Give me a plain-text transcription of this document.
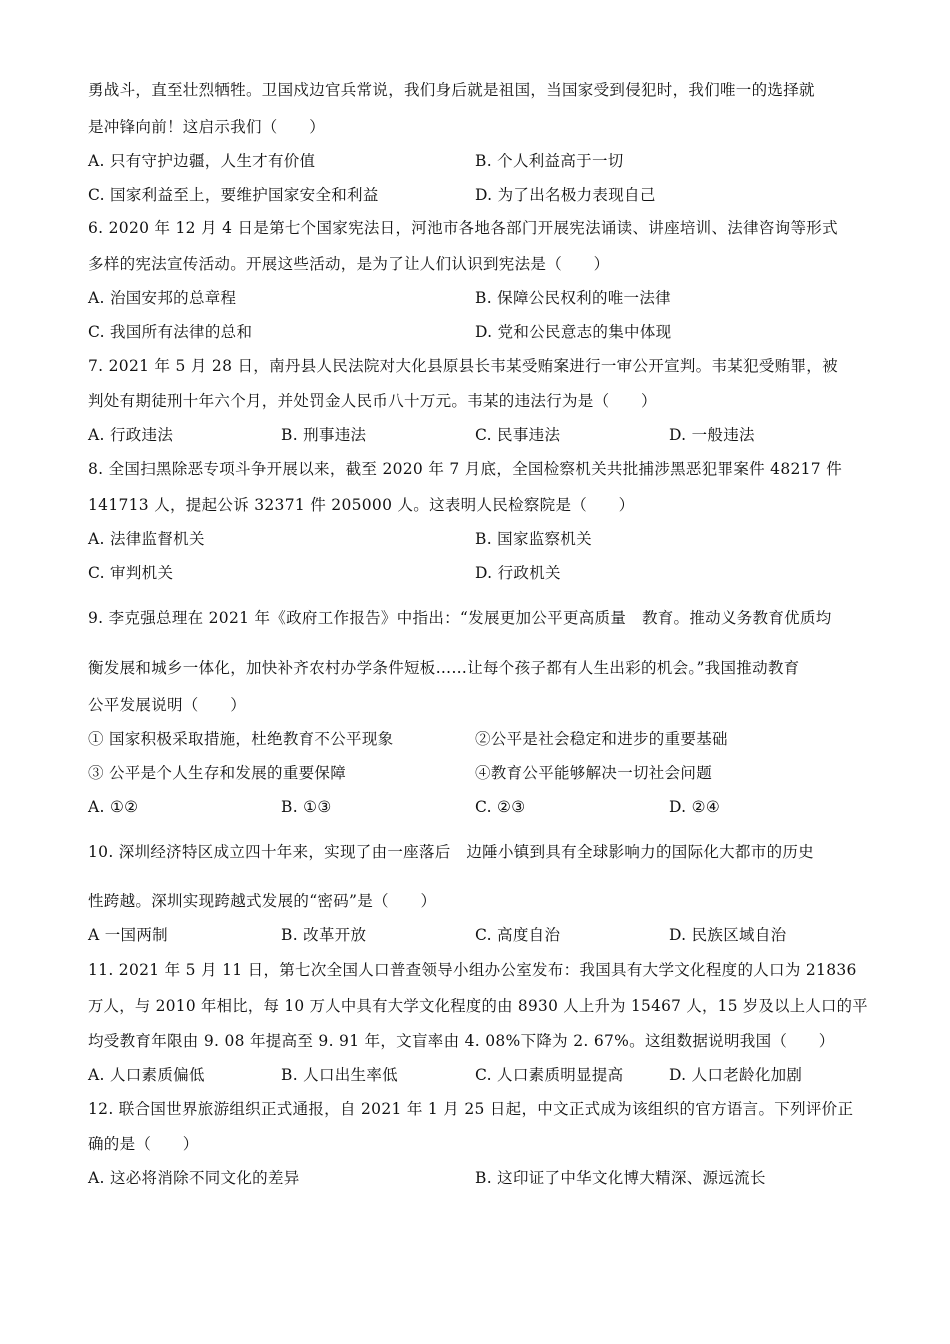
勇战斗，直至壮烈牺牲。卫国戍边官兵常说，我们身后就是祖国，当国家受到侵犯时，我们唯一的选择就
是冲锋向前！这启示我们（　　）
A. 只有守护边疆，人生才有价值	B. 个人利益高于一切
C. 国家利益至上，要维护国家安全和利益	D. 为了出名极力表现自己
6. 2020 年 12 月 4 日是第七个国家宪法日，河池市各地各部门开展宪法诵读、讲座培训、法律咨询等形式
多样的宪法宣传活动。开展这些活动，是为了让人们认识到宪法是（　　）
A. 治国安邦的总章程	B. 保障公民权利的唯一法律
C. 我国所有法律的总和	D. 党和公民意志的集中体现
7. 2021 年 5 月 28 日，南丹县人民法院对大化县原县长韦某受贿案进行一审公开宣判。韦某犯受贿罪，被
判处有期徒刑十年六个月，并处罚金人民币八十万元。韦某的违法行为是（　　）
A. 行政违法	B. 刑事违法	C. 民事违法	D. 一般违法
8. 全国扫黑除恶专项斗争开展以来，截至 2020 年 7 月底，全国检察机关共批捕涉黑恶犯罪案件 48217 件
141713 人，提起公诉 32371 件 205000 人。这表明人民检察院是（　　）
A. 法律监督机关	B. 国家监察机关
C. 审判机关	D. 行政机关
9. 李克强总理在 2021 年《政府工作报告》中指出：“发展更加公平更高质量　教育。推动义务教育优质均
衡发展和城乡一体化，加快补齐农村办学条件短板……让每个孩子都有人生出彩的机会。”我国推动教育
公平发展说明（　　）
① 国家积极采取措施，杜绝教育不公平现象	②公平是社会稳定和进步的重要基础
③ 公平是个人生存和发展的重要保障	④教育公平能够解决一切社会问题
A. ①②	B. ①③	C. ②③	D. ②④
10. 深圳经济特区成立四十年来，实现了由一座落后　边陲小镇到具有全球影响力的国际化大都市的历史
性跨越。深圳实现跨越式发展的“密码”是（　　）
A 一国两制	B. 改革开放	C. 高度自治	D. 民族区域自治
11. 2021 年 5 月 11 日，第七次全国人口普查领导小组办公室发布：我国具有大学文化程度的人口为 21836
万人，与 2010 年相比，每 10 万人中具有大学文化程度的由 8930 人上升为 15467 人，15 岁及以上人口的平
均受教育年限由 9. 08 年提高至 9. 91 年，文盲率由 4. 08%下降为 2. 67%。这组数据说明我国（　　）
A. 人口素质偏低	B. 人口出生率低	C. 人口素质明显提高	D. 人口老龄化加剧
12. 联合国世界旅游组织正式通报，自 2021 年 1 月 25 日起，中文正式成为该组织的官方语言。下列评价正
确的是（　　）
A. 这必将消除不同文化的差异	B. 这印证了中华文化博大精深、源远流长
